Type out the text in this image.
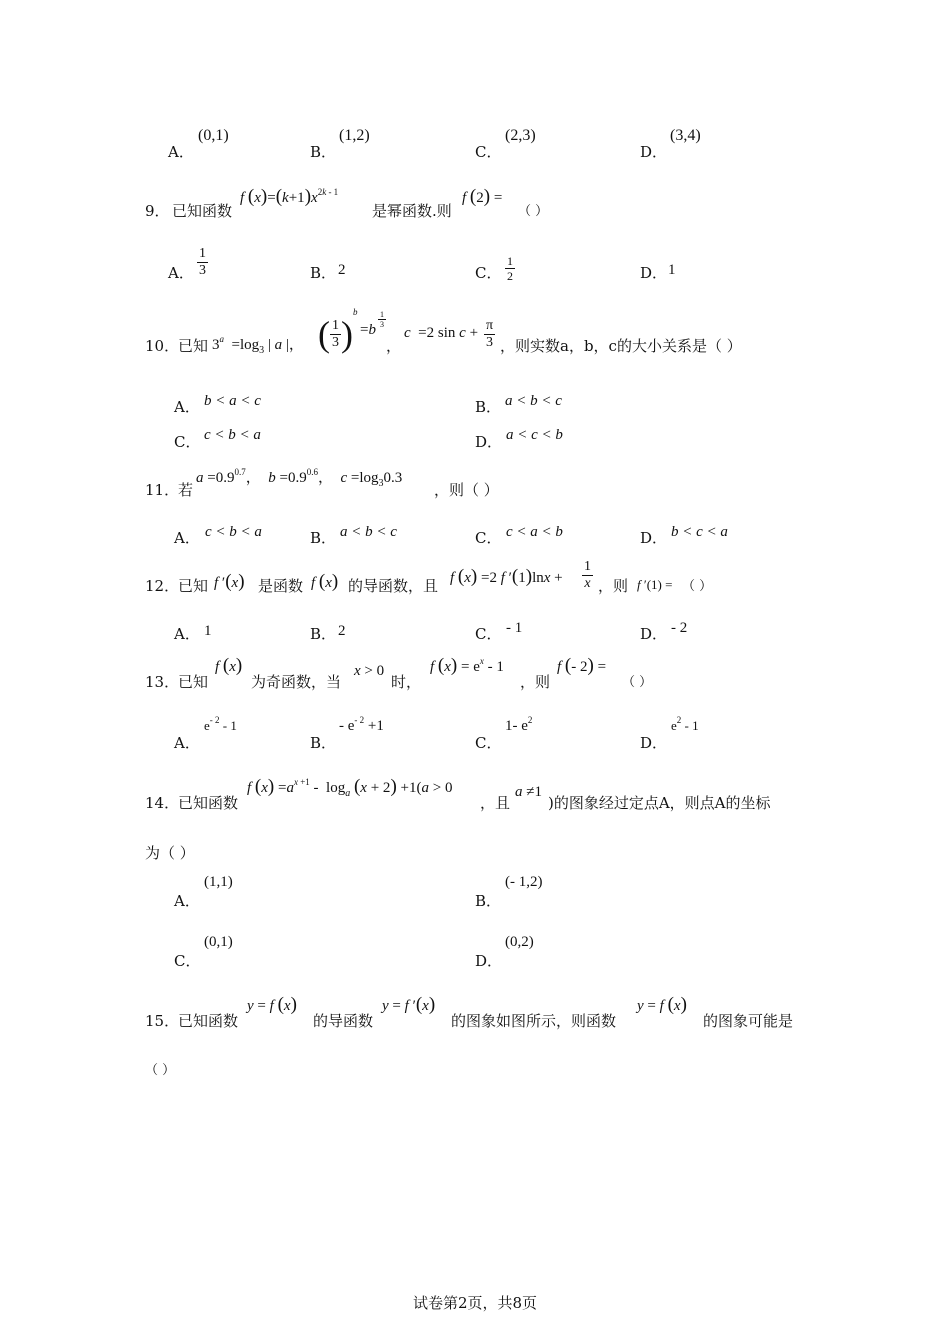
A．
(0,1)
B．
(1,2)
C．
(2,3)
D．
(3,4)
9． 已知函数
f $(x)=(k+1)x^{2k - 1}$
是幂函数.则
f (2) =
（ ）
A． $\frac{1}{3}$	B． 2	C． $\frac{1}{2}$	D． 1
10．
已知 $3^a =\log_3$ | a |， ( $\frac{1}{3} )^b$
=b
$\frac{1}{3}$
，
c  =2 $\sin c + \frac{\pi}{3}$ ，则实数a，b，c的大小关系是（ ）
A． b < a < c	B． a < b < c
C． c < b < a	D． a < c < b
11．
若
$a =0.9^{0.7}$，  $b =0.9^{0.6}$，  $c =\log_30.3$
，则（ ）
A． c < b < a	B． a < b < c	C． c < a < b	D． b < c < a
12．
已知 f ′(x) 是函数 f (x) 的导函数，且 f (x) =2 f $'(1)\ln x + \frac{1}{x}$ ，则 f ′(1) = （ ）
A． 1	B． 2	C． - 1	D． - 2
13．
已知
f (x)
为奇函数，当
x > 0
时，
f $(x) = e^x - 1$
，则
f (- 2) =
（ ）
A．
$e^{- 2} - 1$
B．
- $e^{- 2} +1$
C．
1- $e^2$
D．
$e^2 - 1$
14．
已知函数
f $(x) =a^{x +1} - \log_a (x + 2) +1(a > 0$
，且
a ≠1
)的图象经过定点A，则点A的坐标
为（ ）
A．
(1,1)
B．
(- 1,2)
C．
(0,1)
D．
(0,2)
15．
已知函数
y = f (x)
的导函数
y = f ′(x)
的图象如图所示，则函数
y = f (x)
的图象可能是
（ ）
试卷第2页，共8页
